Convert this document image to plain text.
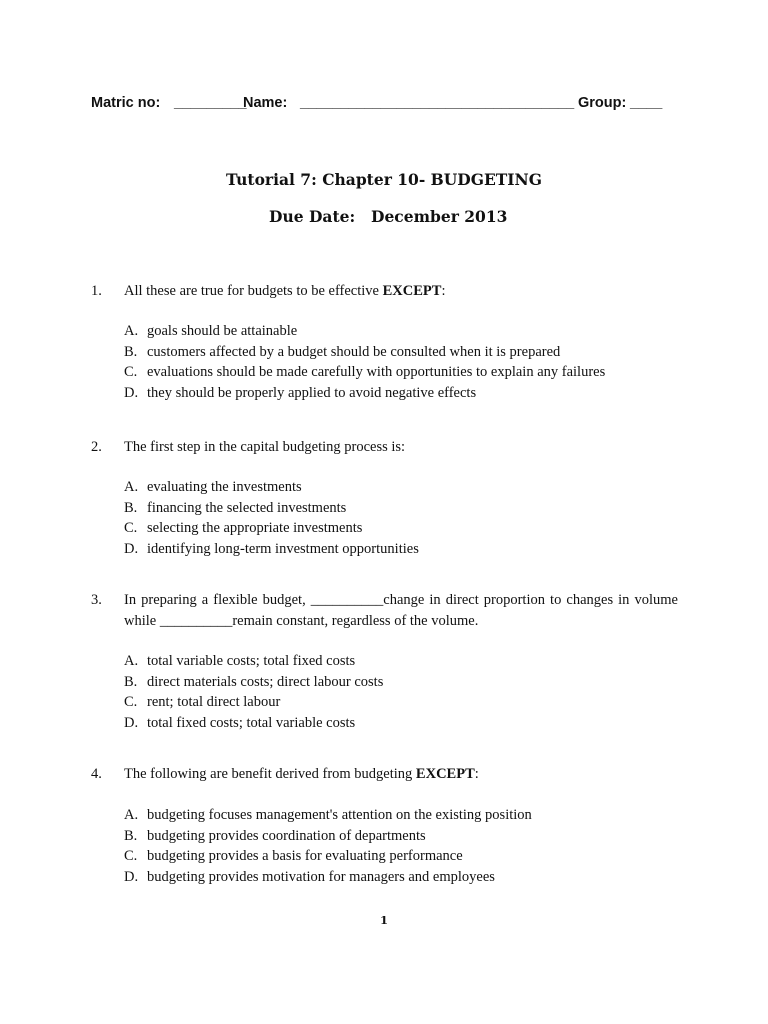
Matric no: _________
Name: __________________________________ Group: ____
Tutorial 7: Chapter 10- BUDGETING
Due Date: December 2013
1. All these are true for budgets to be effective EXCEPT:
A. goals should be attainable
B. customers affected by a budget should be consulted when it is prepared
C. evaluations should be made carefully with opportunities to explain any failures
D. they should be properly applied to avoid negative effects
2. The first step in the capital budgeting process is:
A. evaluating the investments
B. financing the selected investments
C. selecting the appropriate investments
D. identifying long-term investment opportunities
3. In preparing a flexible budget, __________change in direct proportion to changes in volume while __________remain constant, regardless of the volume.
A. total variable costs; total fixed costs
B. direct materials costs; direct labour costs
C. rent; total direct labour
D. total fixed costs; total variable costs
4. The following are benefit derived from budgeting EXCEPT:
A. budgeting focuses management's attention on the existing position
B. budgeting provides coordination of departments
C. budgeting provides a basis for evaluating performance
D. budgeting provides motivation for managers and employees
1
